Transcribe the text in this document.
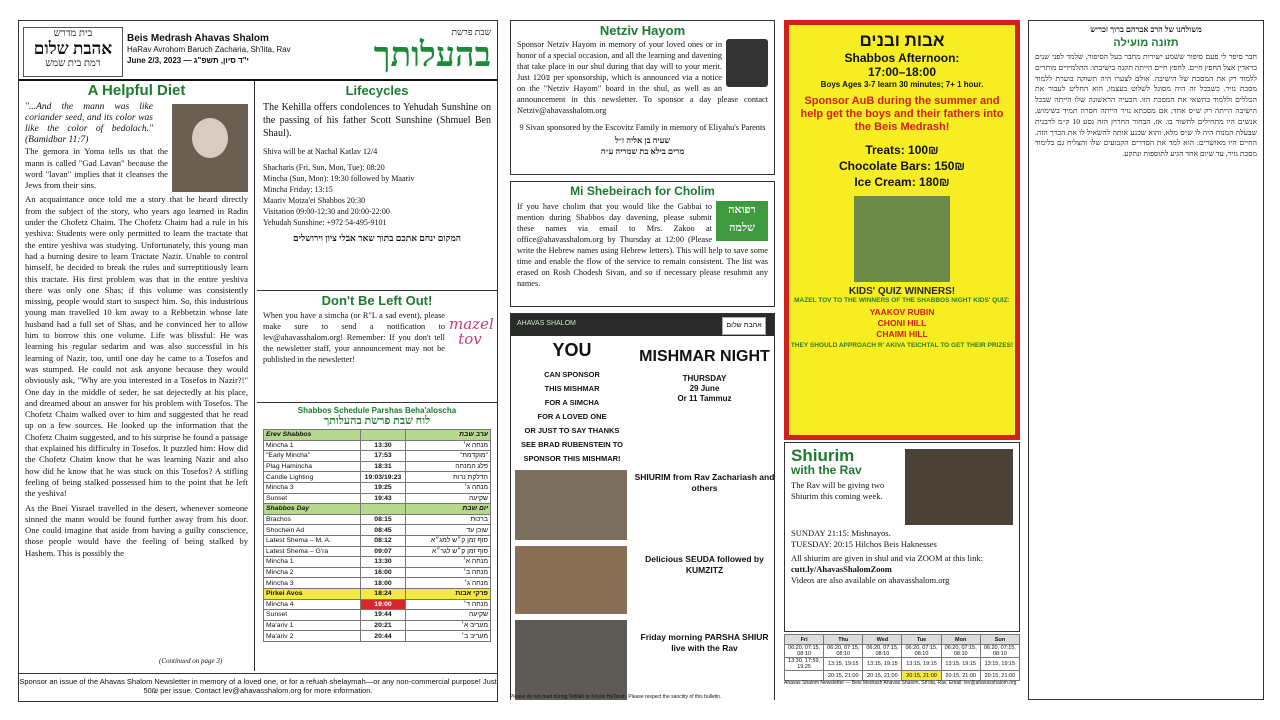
בית מדרש
אהבת שלום
רמת בית שמש
Beis Medrash Ahavas Shalom
HaRav Avrohom Baruch Zacharia, Sh'lita, Rav
June 2/3, 2023 — י"ד סיון, תשפ"ג
שבת פרשת
בהעלותך
A Helpful Diet
"...And the mann was like coriander seed, and its color was like the color of bedolach." (Bamidbar 11:7)

The gemora in Yoma tells us that the mann is called "Gad Lavan" because the word "lavan" implies that it cleanses the Jews from their sins.

An acquaintance once told me a story that he heard directly from the subject of the story, who years ago learned in Radin under the Chofetz Chaim. The Chofetz Chaim had a rule in his yeshiva: Students were only permitted to learn the tractate that the entire yeshiva was studying. Unfortunately, this young man had a burning desire to learn Tractate Nazir. Unable to control himself, he decided to break the rules and surreptitiously learn this tractate. His first problem was that in the entire yeshiva there was only one Shas; if this volume was consistently missing, people would start to suspect him. So, this industrious young man travelled 10 km away to a Rebbetzin whose late husband had a full set of Shas, and he convinced her to allow him to borrow this one volume. Life was blissful: He was learning his regular sedarim and was also successful in his learning of Nazir, too, until one day he came to a Tosefos and was stumped. He could not ask anyone because they would obviously ask, "Why are you interested in a Tosefos in Nazir?!" One day in the middle of seder, he sat dejectedly at his place, and dreamed about an answer for his problem with Tosefos. The Chofetz Chaim walked over to him and suggested that he read up on a few sources. He looked up the information that the Chofetz Chaim suggested, and to his surprise he found a passage that explained his difficulty in Tosefos. It puzzled him: How did the Chofetz Chaim know that he was learning Nazir and also how did he know that he was stuck on this Tosefos? A stifling feeling of being stalked possessed him to the point that he left the yeshiva!

As the Bnei Yisrael travelled in the desert, whenever someone sinned the mann would be found further away from his door. One could imagine that aside from having a guilty conscience, those people would have the feeling of being stalked by Hashem. This is possibly the

(Continued on page 3)
Lifecycles
The Kehilla offers condolences to Yehudah Sunshine on the passing of his father Scott Sunshine (Shmuel Ben Shaul).
Shiva will be at Nachal Katlav 12/4
Shacharis (Fri, Sun, Mon, Tue): 08:20
Mincha (Sun, Mon): 19:30 followed by Maariv
Mincha Friday: 13:15
Maariv Motza'ei Shabbos 20:30
Visitation 09:00-12:30 and 20:00-22:00
Yehudah Sunshine: +972 54-495-9101
המקום ינחם אתכם בתוך שאר אבלי ציון וירושלים
Don't Be Left Out!
When you have a simcha (or R"L a sad event), please make sure to send a notification to lev@ahavasshalom.org! Remember: If you don't tell the newsletter staff, your announcement may not be published in the newsletter!
mazel tov
Shabbos Schedule Parshas Beha'aloscha
לוח שבת פרשת בהעלותך
Erev Shabbos		ערב שבת
Mincha 1	13:30	מנחה א׳
"Early Mincha"	17:53	"מוקדמת"
Plag Hamincha	18:31	פלג המנחה
Candle Lighting	19:03/19:23	הדלקת נרות
Mincha 3	19:25	מנחה ג׳
Sunset	19:43	שקיעה
Shabbos Day		יום שבת
Brachos	08:15	ברכות
Shochein Ad	08:45	שוכן עד
Latest Shema – M. A.	08:12	סוף זמן ק״ש למג״א
Latest Shema – G'ra	09:07	סוף זמן ק״ש לגר״א
Mincha 1	13:30	מנחה א׳
Mincha 2	16:00	מנחה ב׳
Mincha 3	18:00	מנחה ג׳
Pirkei Avos	18:24	פרקי אבות
Mincha 4	19:00	מנחה ד׳
Sunset	19:44	שקיעה
Ma'ariv 1	20:21	מעריב א׳
Ma'ariv 2	20:44	מעריב ב׳
Sponsor an issue of the Ahavas Shalom Newsletter in memory of a loved one, or for a refuah shelaymah—or any non-commercial purpose! Just 50₪ per issue. Contact lev@ahavasshalom.org for more information.
Netziv Hayom
Sponsor Netziv Hayom in memory of your loved ones or in honor of a special occasion, and all the learning and davening that take place in our shul during that day will to your merit. Just 120₪ per sponsorship, which is announced via a notice on the "Netziv Hayom" board in the shul, as well as an announcement in this newsletter. To sponsor a day please contact Netziv@ahavasshalom.org
9 Sivan sponsored by the Escovitz Family in memory of Eliyahu's Parents
שעיה בן אליה ז״ל
מרים בילא בת שמריה ע״ה
Mi Shebeirach for Cholim
רפואה שלמה
If you have cholim that you would like the Gabbai to mention during Shabbos day davening, please submit these names via email to Mrs. Zakoo at office@ahavasshalom.org by Thursday at 12:00 (Please write the Hebrew names using Hebrew letters). This will help to save some time and enable the flow of the service to remain consistent. The list was erased on Rosh Chodesh Sivan, and so if necessary please resubmit any names.
AHAVAS SHALOM	אהבת שלום
YOU
CAN SPONSOR
THIS MISHMAR
FOR A SIMCHA
FOR A LOVED ONE
OR JUST TO SAY THANKS
SEE BRAD RUBENSTEIN TO
SPONSOR THIS MISHMAR!
MISHMAR NIGHT
THURSDAY
29 June
Or 11 Tammuz
SHIURIM from Rav Zachariash and others
Delicious SEUDA followed by KUMZITZ
Friday morning PARSHA SHIUR live with the Rav
Please do not read during Tefillah or Kriyas HaTorah. Please respect the sanctity of this bulletin.
אבות ובנים
Shabbos Afternoon:
17:00–18:00
Boys Ages 3-7 learn 30 minutes; 7+ 1 hour.
Sponsor AuB during the summer and help get the boys and their fathers into the Beis Medrash!
Treats: 100₪
Chocolate Bars: 150₪
Ice Cream: 180₪
KIDS' QUIZ WINNERS!
MAZEL TOV TO THE WINNERS OF THE SHABBOS NIGHT KIDS' QUIZ:
YAAKOV RUBIN
CHONI HILL
CHAIMI HILL
THEY SHOULD APPROACH R' AKIVA TEICHTAL TO GET THEIR PRIZES!
Shiurim
with the Rav
The Rav will be giving two Shiurim this coming week.
SUNDAY 21:15: Mishnayos.
TUESDAY: 20:15 Hilchos Beis Haknesses
All shiurim are given in shul and via ZOOM at this link:
cutt.ly/AhavasShalomZoom
Videos are also available on ahavasshalom.org
Fri	Thu	Wed	Tue	Mon	Sun
06:20, 07:15, 08:10	06:20, 07:15, 08:10	06:20, 07:15, 08:10	06:20, 07:15, 08:10	06:20, 07:15, 08:10	06:20, 07:15, 08:10
13:30, 17:59, 19:25	13:15, 19:15	13:15, 19:15	13:15, 19:15	13:15, 19:15	13:15, 19:15
	20:15, 21:00	20:15, 21:00	20:15, 21:00	20:15, 21:00	20:15, 21:00
משולחנו של הרב אברהם ברוך זכריש
תזונה מועילה
חבר סיפר לי פעם סיפור ששמע ישירות מחבר בעל הסיפור, שלמד לפני שנים בראדין אצל החפץ חיים. לחפץ חיים הייתה תקנה בישיבתו: התלמידים מותרים ללמוד רק את המסכת של הישיבה. אולם לצערו היה תשוקה בוערת ללמוד מסכת נזיר. כשבכל זה היה מסוגל לשלוט בעצמו, הוא החליט לעבור את הכללים וללמוד בחשאי את המסכת הזו. הבעיה הראשונה שלו הייתה שבכל הישיבה הייתה רק ש״ס אחד; אם מסכתא נזיר הייתה חסרה תמיד בשימוש, אנשים היו מתחילים לחשוד בו. אז, הבחור החרוץ הזה נסע 10 ק״מ לרבנית שבעלה המנוח היה לו ש״ס מלא, והוא שכנע אותה להשאיל לו את הכרך הזה. החיים היו מאושרים: הוא למד את הסדרים הקבועים שלו והצליח גם בלימוד מסכת נזיר, עד שיום אחד הגיע לתוספות ונתקע.
Ahavas Shalom Newsletter — Beis Medrash Ahavas Shalom, Sh'lita, Rav. Email: lev@ahavasshalom.org
